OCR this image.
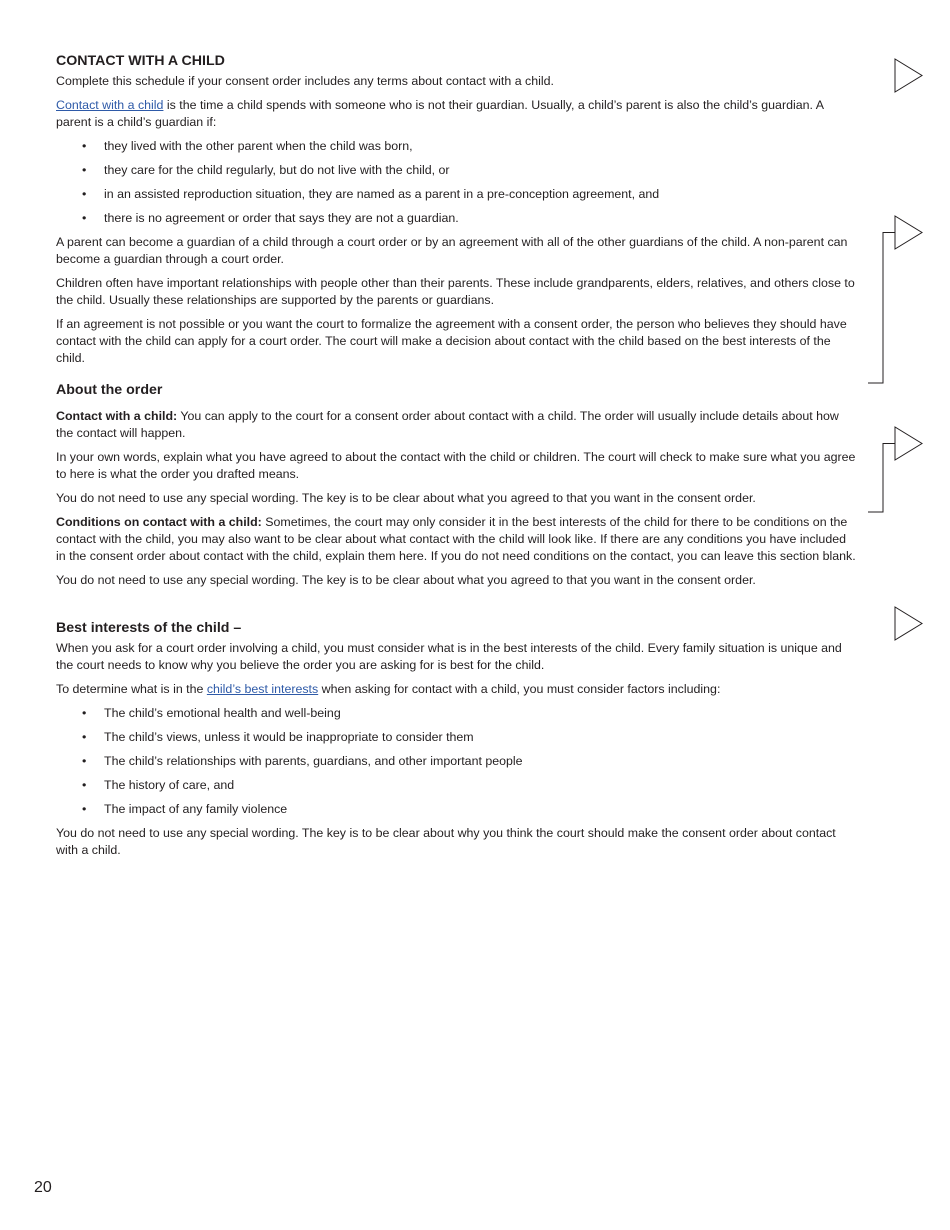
CONTACT WITH A CHILD

Complete this schedule if your consent order includes any terms about contact with a child.

Contact with a child is the time a child spends with someone who is not their guardian. Usually, a child’s parent is also the child’s guardian. A parent is a child’s guardian if:

• they lived with the other parent when the child was born,
• they care for the child regularly, but do not live with the child, or
• in an assisted reproduction situation, they are named as a parent in a pre-conception agreement, and
• there is no agreement or order that says they are not a guardian.

A parent can become a guardian of a child through a court order or by an agreement with all of the other guardians of the child. A non-parent can become a guardian through a court order.

Children often have important relationships with people other than their parents. These include grandparents, elders, relatives, and others close to the child. Usually these relationships are supported by the parents or guardians.

If an agreement is not possible or you want the court to formalize the agreement with a consent order, the person who believes they should have contact with the child can apply for a court order. The court will make a decision about contact with the child based on the best interests of the child.

About the order

Contact with a child: You can apply to the court for a consent order about contact with a child. The order will usually include details about how the contact will happen.

In your own words, explain what you have agreed to about the contact with the child or children. The court will check to make sure what you agree to here is what the order you drafted means.

You do not need to use any special wording. The key is to be clear about what you agreed to that you want in the consent order.

Conditions on contact with a child: Sometimes, the court may only consider it in the best interests of the child for there to be conditions on the contact with the child, you may also want to be clear about what contact with the child will look like. If there are any conditions you have included in the consent order about contact with the child, explain them here. If you do not need conditions on the contact, you can leave this section blank.

You do not need to use any special wording. The key is to be clear about what you agreed to that you want in the consent order.

Best interests of the child –

When you ask for a court order involving a child, you must consider what is in the best interests of the child. Every family situation is unique and the court needs to know why you believe the order you are asking for is best for the child.

To determine what is in the child’s best interests when asking for contact with a child, you must consider factors including:

• The child’s emotional health and well-being
• The child’s views, unless it would be inappropriate to consider them
• The child’s relationships with parents, guardians, and other important people
• The history of care, and
• The impact of any family violence

You do not need to use any special wording. The key is to be clear about why you think the court should make the consent order about contact with a child.

20
